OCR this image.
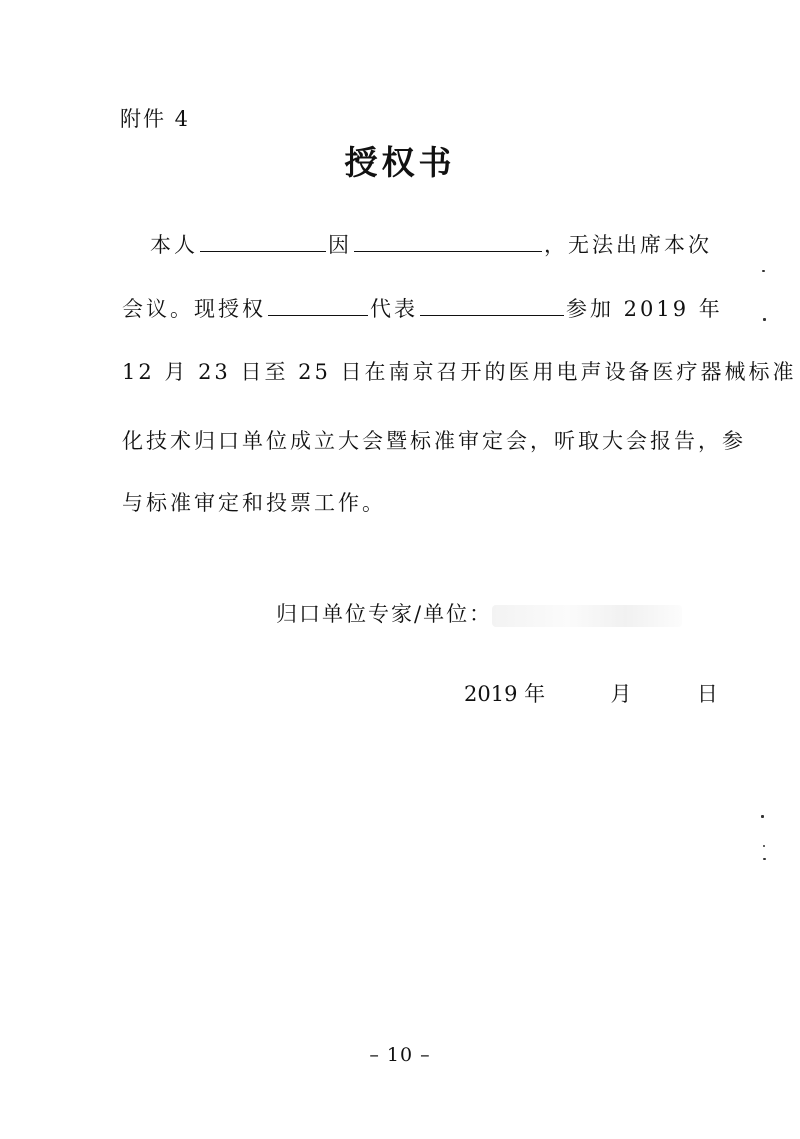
附件 4
授权书
本人	因	，无法出席本次
会议。现授权	代表	参加 2019 年
12 月 23 日至 25 日在南京召开的医用电声设备医疗器械标准
化技术归口单位成立大会暨标准审定会，听取大会报告，参
与标准审定和投票工作。
归口单位专家/单位：
2019 年	月	日
– 10 –
